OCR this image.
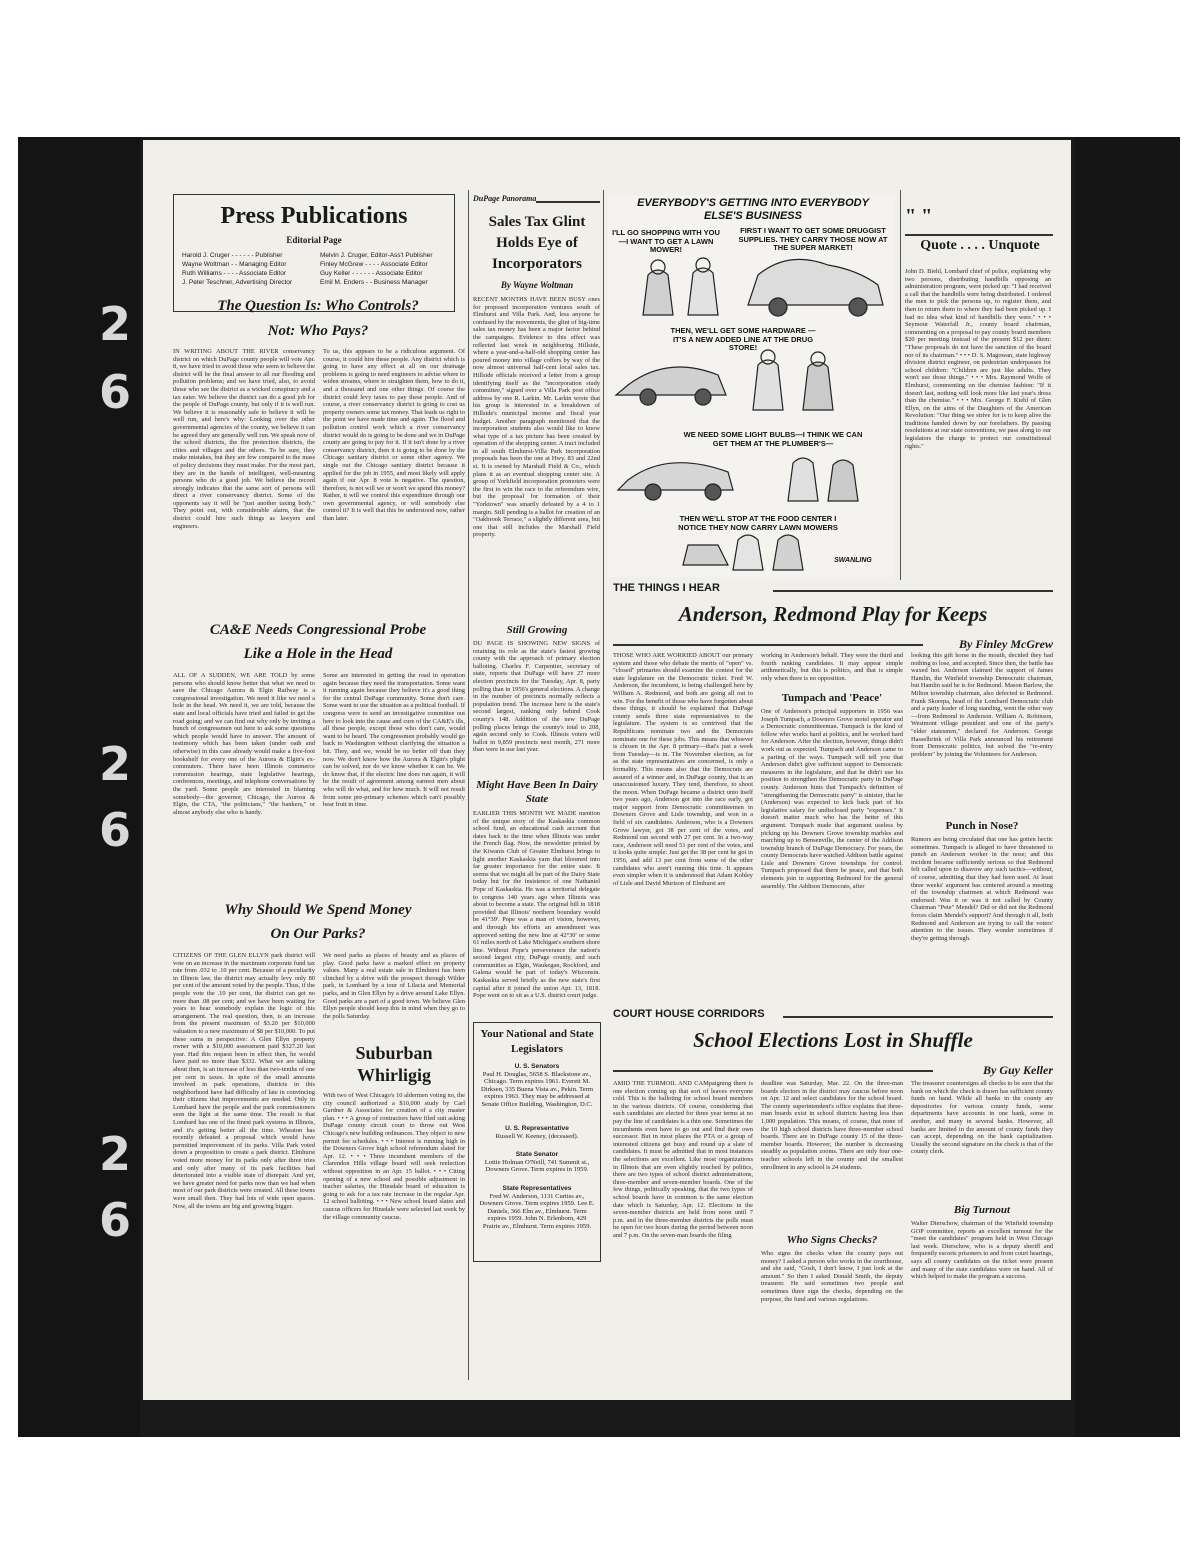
2
6
2
6
2
6
Press Publications
Editorial Page
Harold J. Cruger - - - - - - Publisher
Wayne Woltman - - Managing Editor
Ruth Williams - - - - Associate Editor
J. Peter Teschner, Advertising Director
Melvin J. Cruger, Editor-Ass't Publisher
Finley McGrew - - - - Associate Editor
Guy Keller - - - - - - Associate Editor
Emil M. Enders - - Business Manager
The Question Is: Who Controls?
Not: Who Pays?
IN WRITING ABOUT THE RIVER conservancy district on which DuPage county people will vote Apr. 8, we have tried to avoid those who seem to believe the district will be the final answer to all our flooding and pollution problems; and we have tried, also, to avoid those who see the district as a wicked conspiracy and a tax eater. We believe the district can do a good job for the people of DuPage county, but only if it is well run. We believe it is reasonably safe to believe it will be well run, and here's why: Looking over the other governmental agencies of the county, we believe it can be agreed they are generally well run. We speak now of the school districts, the fire protection districts, the cities and villages and the others. To be sure, they make mistakes, but they are few compared to the mass of policy decisions they must make. For the most part, they are in the hands of intelligent, well-meaning persons who do a good job. We believe the record strongly indicates that the same sort of persons will direct a river conservancy district. Some of the opponents say it will be "just another taxing body." They point out, with considerable alarm, that the district could hire such things as lawyers and engineers.
To us, this appears to be a ridiculous argument. Of course, it could hire these people. Any district which is going to have any effect at all on our drainage problems is going to need engineers to advise where to widen streams, where to straighten them, how to do it, and a thousand and one other things. Of course the district could levy taxes to pay these people. And of course, a river conservancy district is going to cost us property owners some tax money. That leads us right to the point we have made time and again. The flood and pollution control work which a river conservancy district would do is going to be done and we in DuPage county are going to pay for it. If it isn't done by a river conservancy district, then it is going to be done by the Chicago sanitary district or some other agency. We single out the Chicago sanitary district because it applied for the job in 1955, and most likely will apply again if our Apr. 8 vote is negative. The question, therefore, is not will we or won't we spend this money? Rather, it will we control this expenditure through our own governmental agency, or will somebody else control it? It is well that this be understood now, rather than later.
CA&E Needs Congressional Probe
Like a Hole in the Head
ALL OF A SUDDEN, WE ARE TOLD by some persons who should know better that what we need to save the Chicago Aurora & Elgin Railway is a congressional investigation. We need it like we need a hole in the head. We need it, we are told, because the state and local officials have tried and failed to get the road going; and we can find out why only by inviting a bunch of congressmen out here to ask some questions which people would have to answer. The amount of testimony which has been taken (under oath and otherwise) in this case already would make a five-foot bookshelf for every one of the Aurora & Elgin's ex-commuters. There have been Illinois commerce commission hearings, state legislative hearings, conferences, meetings, and telephone conversations by the yard. Some people are interested in blaming somebody—the governor, Chicago, the Aurora & Elgin, the CTA, "the politicians," "the bankers," or almost anybody else who is handy.
Some are interested in getting the road in operation again because they need the transportation. Some want it running again because they believe it's a good thing for the central DuPage community. Some don't care. Some want to use the situation as a political football. If congress were to send an investigative committee out here to look into the cause and cure of the CA&E's ills, all these people, except those who don't care, would want to be heard. The congressmen probably would go back to Washington without clarifying the situation a bit. They, and we, would be no better off than they now. We don't know how the Aurora & Elgin's plight can be solved, nor do we know whether it can be. We do know that, if the electric line does run again, it will be the result of agreement among earnest men about who will do what, and for how much. It will not result from some pre-primary schemes which can't possibly bear fruit in time.
Why Should We Spend Money
On Our Parks?
CITIZENS OF THE GLEN ELLYN park district will vote on an increase in the maximum corporate fund tax rate from .032 to .10 per cent. Because of a peculiarity in Illinois law, the district may actually levy only 80 per cent of the amount voted by the people. Thus, if the people vote the .10 per cent, the district can get no more than .08 per cent; and we have been waiting for years to hear somebody explain the logic of this arrangement. The real question, then, is an increase from the present maximum of $3.20 per $10,000 valuation to a new maximum of $8 per $10,000. To put these sums in perspective: A Glen Ellyn property owner with a $10,000 assessment paid $327.20 last year. Had this request been in effect then, he would have paid no more than $332. What we are talking about then, is an increase of less than two-tenths of one per cent in taxes. In spite of the small amounts involved in park operations, districts in this neighborhood have had difficulty of late in convincing their citizens that improvements are needed. Only in Lombard have the people and the park commissioners seen the light at the same time. The result is that Lombard has one of the finest park systems in Illinois, and it's getting better all the time. Wheaton has recently defeated a proposal which would have permitted improvement of its parks. Villa Park voted down a proposition to create a park district. Elmhurst voted more money for its parks only after three tries and only after many of its park facilities had deteriorated into a visible state of disrepair. And yet, we have greater need for parks now than we had when most of our park districts were created. All these towns were small then. They had lots of wide open spaces. Now, all the towns are big and growing bigger.
We need parks as places of beauty and as places of play. Good parks have a marked effect on property values. Many a real estate sale in Elmhurst has been clinched by a drive with the prospect through Wilder park, in Lombard by a tour of Lilacia and Memorial parks, and in Glen Ellyn by a drive around Lake Ellyn. Good parks are a part of a good town. We believe Glen Ellyn people should keep this in mind when they go to the polls Saturday.
Suburban Whirligig
With two of West Chicago's 10 aldermen voting no, the city council authorized a $10,000 study by Carl Gardner & Associates for creation of a city master plan. • • • A group of contractors have filed suit asking DuPage county circuit court to throw out West Chicago's new building ordinances. They object to new permit fee schedules. • • • Interest is running high in the Downers Grove high school referendum slated for Apr. 12. • • • Three incumbent members of the Clarendon Hills village board will seek reelection without opposition in an Apr. 15 ballot. • • • Citing opening of a new school and possible adjustment in teacher salaries, the Hinsdale board of education is going to ask for a tax rate increase in the regular Apr. 12 school balloting. • • • New school board slates and caucus officers for Hinsdale were selected last week by the village community caucus.
DuPage Panorama
Sales Tax Glint Holds Eye of Incorporators
By Wayne Woltman
RECENT MONTHS HAVE BEEN BUSY ones for proposed incorporation ventures south of Elmhurst and Villa Park. And, less anyone be confused by the movements, the glint of big-time sales tax money has been a major factor behind the campaigns. Evidence to this effect was reflected last week in neighboring Hillside, where a year-and-a-half-old shopping center has poured money into village coffers by way of the now almost universal half-cent local sales tax. Hillside officials received a letter from a group identifying itself as the "incorporation study committee," signed over a Villa Park post office address by one R. Larkin. Mr. Larkin wrote that his group is interested in a breakdown of Hillside's municipal income and fiscal year budget. Another paragraph mentioned that the incorporation students also would like to know what type of a tax picture has been created by operation of the shopping center. A tract included in all south Elmhurst-Villa Park incorporation proposals has been the one at Hwy. 83 and 22nd st. It is owned by Marshall Field & Co., which plans it as an eventual shopping center site. A group of Yorkfield incorporation promoters were the first to win the race to the referendum wire, but the proposal for formation of their "Yorktown" was smartly defeated by a 4 to 1 margin. Still pending is a ballot for creation of an "Oakbrook Terrace," a slightly different area, but one that still includes the Marshall Field property.
Still Growing
DU PAGE IS SHOWING NEW SIGNS of retaining its role as the state's fastest growing county with the approach of primary election balloting. Charles F. Carpentier, secretary of state, reports that DuPage will have 27 more election precincts for the Tuesday, Apr. 8, party polling than in 1956's general elections. A change in the number of precincts normally reflects a population trend. The increase here is the state's second largest, ranking only behind Cook county's 148. Addition of the new DuPage polling places brings the county's total to 208, again second only to Cook. Illinois voters will ballot in 9,859 precincts next month, 271 more than were in use last year.
Might Have Been In Dairy State
EARLIER THIS MONTH WE MADE mention of the unique story of the Kaskaskia common school fund, an educational cash account that dates back to the time when Illinois was under the French flag. Now, the newsletter printed by the Kiwanis Club of Greater Elmhurst brings to light another Kaskaskia yarn that bloomed into far greater importance for the entire state. It seems that we might all be part of the Dairy State today but for the insistence of one Nathaniel Pope of Kaskaskia. He was a territorial delegate to congress 140 years ago when Illinois was about to become a state. The original bill in 1818 provided that Illinois' northern boundary would be 41°39'. Pope was a man of vision, however, and through his efforts an amendment was approved setting the new line at 42°30' or some 61 miles north of Lake Michigan's southern shore line. Without Pope's perseverance the nation's second largest city, DuPage county, and such communities as Elgin, Waukegan, Rockford, and Galena would be part of today's Wisconsin. Kaskaskia served briefly as the new state's first capital after it joined the union Apr. 13, 1818. Pope went on to sit as a U.S. district court judge.
Your National and State Legislators
U. S. Senators
Paul H. Douglas, 5658 S. Blackstone av., Chicago. Term expires 1961. Everett M. Dirksen, 335 Buena Vista av., Pekin. Term expires 1963. They may be addressed at Senate Office Building, Washington, D.C.
U. S. Representative
Russell W. Keeney, (deceased).
State Senator
Lottie Holman O'Neill, 741 Summit st., Downers Grove. Term expires in 1959.
State Representatives
Fred W. Anderson, 1131 Curtiss av., Downers Grove. Term expires 1959. Lee E. Daniels, 366 Elm av., Elmhurst. Term expires 1959. John N. Erlenborn, 429 Prairie av., Elmhurst. Term expires 1959.
EVERYBODY'S GETTING INTO EVERYBODY ELSE'S BUSINESS
I'LL GO SHOPPING WITH YOU—I WANT TO GET A LAWN MOWER!
FIRST I WANT TO GET SOME DRUGGIST SUPPLIES. THEY CARRY THOSE NOW AT THE SUPER MARKET!
THEN, WE'LL GET SOME HARDWARE —IT'S A NEW ADDED LINE AT THE DRUG STORE!
WE NEED SOME LIGHT BULBS—I THINK WE CAN GET THEM AT THE PLUMBER'S—
THEN WE'LL STOP AT THE FOOD CENTER I NOTICE THEY NOW CARRY LAWN MOWERS
SWANLING
" "
Quote . . . . Unquote
John D. Biehl, Lombard chief of police, explaining why two persons, distributing handbills opposing an administration program, were picked up: "I had received a call that the handbills were being distributed. I ordered the men to pick the persons up, to register them, and then to return them to where they had been picked up. I had no idea what kind of handbills they were." • • • Seymour Waterfall Jr., county board chairman, commenting on a proposal to pay county board members $20 per meeting instead of the present $12 per diem: "These proposals do not have the sanction of the board nor of its chairman." • • • D. S. Magowan, state highway division district engineer, on pedestrian underpasses for school children: "Children are just like adults. They won't use those things." • • • Mrs. Raymond Wolfe of Elmhurst, commenting on the chemise fashion: "If it doesn't last, nothing will look more like last year's dress than the chemise." • • • Mrs. George F. Kiehl of Glen Ellyn, on the aims of the Daughters of the American Revolution: "Our thing we strive for is to keep alive the traditions handed down by our forefathers. By passing resolutions at our state conventions, we pass along to our legislators the charge to protect our constitutional rights."
THE THINGS I HEAR
Anderson, Redmond Play for Keeps
By Finley McGrew
THOSE WHO ARE WORRIED ABOUT our primary system and those who debate the merits of "open" vs. "closed" primaries should examine the contest for the state legislature on the Democratic ticket. Fred W. Anderson, the incumbent, is being challenged here by William A. Redmond, and both are going all out to win. For the benefit of those who have forgotten about these things, it should be explained that DuPage county sends three state representatives to the legislature. The system is so contrived that the Republicans nominate two and the Democrats nominate one for these jobs. This means that whoever is chosen in the Apr. 8 primary—that's just a week from Tuesday—is in. The November election, as far as the state representatives are concerned, is only a formality. This means also that the Democrats are assured of a winner and, in DuPage county, that is an unaccustomed luxury. They tend, therefore, to shoot the moon. When DuPage became a district unto itself two years ago, Anderson got into the race early, got major support from Democratic committeemen in Downers Grove and Lisle township, and won in a field of six candidates. Anderson, who is a Downers Grove lawyer, got 38 per cent of the votes, and Redmond ran second with 27 per cent. In a two-way race, Anderson will need 51 per cent of the votes, and it looks quite simple: Just get the 38 per cent he got in 1956, and add 13 per cent from some of the other candidates who aren't running this time. It appears even simpler when it is understood that Adam Kohley of Lisle and David Murison of Elmhurst are
working in Anderson's behalf. They were the third and fourth ranking candidates. It may appear simple arithmetically, but this is politics, and that is simple only when there is no opposition.
Tumpach and 'Peace'
One of Anderson's principal supporters in 1956 was Joseph Tumpach, a Downers Grove motel operator and a Democratic committeeman. Tumpach is the kind of fellow who works hard at politics, and he worked hard for Anderson. After the election, however, things didn't work out as expected. Tumpach and Anderson came to a parting of the ways. Tumpach will tell you that Anderson didn't give sufficient support to Democratic measures in the legislature, and that he didn't use his position to strengthen the Democratic party in DuPage county. Anderson hints that Tumpach's definition of "strengthening the Democratic party" is sinister, that he (Anderson) was expected to kick back part of his legislative salary for undisclosed party "expenses." It doesn't matter much who has the better of this argument. Tumpach made that argument useless by picking up his Downers Grove township marbles and marching up to Bensenville, the center of the Addison township branch of DuPage Democracy. For years, the county Democrats have watched Addison battle against Lisle and Downers Grove townships for control. Tumpach proposed that there be peace, and that both elements join in supporting Redmond for the general assembly. The Addison Democrats, after
looking this gift horse in the mouth, decided they had nothing to lose, and accepted. Since then, the battle has waxed hot. Anderson claimed the support of James Hamlin, the Winfield township Democratic chairman, but Hamlin said he is for Redmond. Mason Barlow, the Milton township chairman, also defected to Redmond. Frank Skorepa, head of the Lombard Democratic club and a party leader of long standing, went the other way—from Redmond to Anderson. William A. Robinson, Westmont village president and one of the party's "elder statesmen," declared for Anderson. George Hasselbrink of Villa Park announced his retirement from Democratic politics, but solved the "re-entry problem" by joining the Volunteers for Anderson.
Punch in Nose?
Rumors are being circulated that one has gotten hectic sometimes. Tumpach is alleged to have threatened to punch an Anderson worker in the nose; and this incident became sufficiently serious so that Redmond felt called upon to disavow any such tactics—without, of course, admitting that they had been used. At least three weeks' argument has centered around a meeting of the township chairmen at which Redmond was endorsed: Was it or was it not called by County Chairman "Pete" Mendel? Did or did not the Redmond forces claim Mendel's support? And through it all, both Redmond and Anderson are trying to call the voters' attention to the issues. They wonder sometimes if they're getting through.
COURT HOUSE CORRIDORS
School Elections Lost in Shuffle
By Guy Keller
AMID THE TURMOIL AND CAMpaigning there is one election coming up that sort of leaves everyone cold. This is the balloting for school board members in the various districts. Of course, considering that such candidates are elected for three year terms at no pay the line of candidates is a thin one. Sometimes the incumbents even have to go out and find their own successor. But in most places the PTA or a group of interested citizens get busy and round up a slate of candidates. It must be admitted that in most instances the selections are excellent. Like most organizations in Illinois that are even slightly touched by politics, there are two types of school district administrations, three-member and seven-member boards. One of the few things, politically speaking, that the two types of school boards have in common is the same election date which is Saturday, Apr. 12. Elections in the seven-member districts are held from noon until 7 p.m. and in the three-member districts the polls must be open for two hours during the period between noon and 7 p.m. On the seven-man boards the filing
deadline was Saturday, Mar. 22. On the three-man boards electors in the district may caucus before noon on Apr. 12 and select candidates for the school board. The county superintendent's office explains that three-man boards exist in school districts having less than 1,000 population. This means, of course, that none of the 10 high school districts have three-member school boards. There are in DuPage county 15 of the three-member boards. However, the number is decreasing steadily as population zooms. There are only four one-teacher schools left in the county and the smallest enrollment in any school is 24 students.
Who Signs Checks?
Who signs the checks when the county pays out money? I asked a person who works in the courthouse, and she said, "Gosh, I don't know, I just look at the amount." So then I asked Donald Smith, the deputy treasurer. He said sometimes two people and sometimes three sign the checks, depending on the purpose, the fund and various regulations.
The treasurer countersigns all checks to be sure that the bank on which the check is drawn has sufficient county funds on hand. While all banks in the county are depositories for various county funds, some departments have accounts in one bank, some in another, and many in several banks. However, all banks are limited in the amount of county funds they can accept, depending on the bank capitalization. Usually the second signature on the check is that of the county clerk.
Big Turnout
Walter Dierschow, chairman of the Winfield township GOP committee, reports an excellent turnout for the "meet the candidates" program held in West Chicago last week. Dierschow, who is a deputy sheriff and frequently escorts prisoners to and from court hearings, says all county candidates on the ticket were present and many of the state candidates were on hand. All of which helped to make the program a success.
